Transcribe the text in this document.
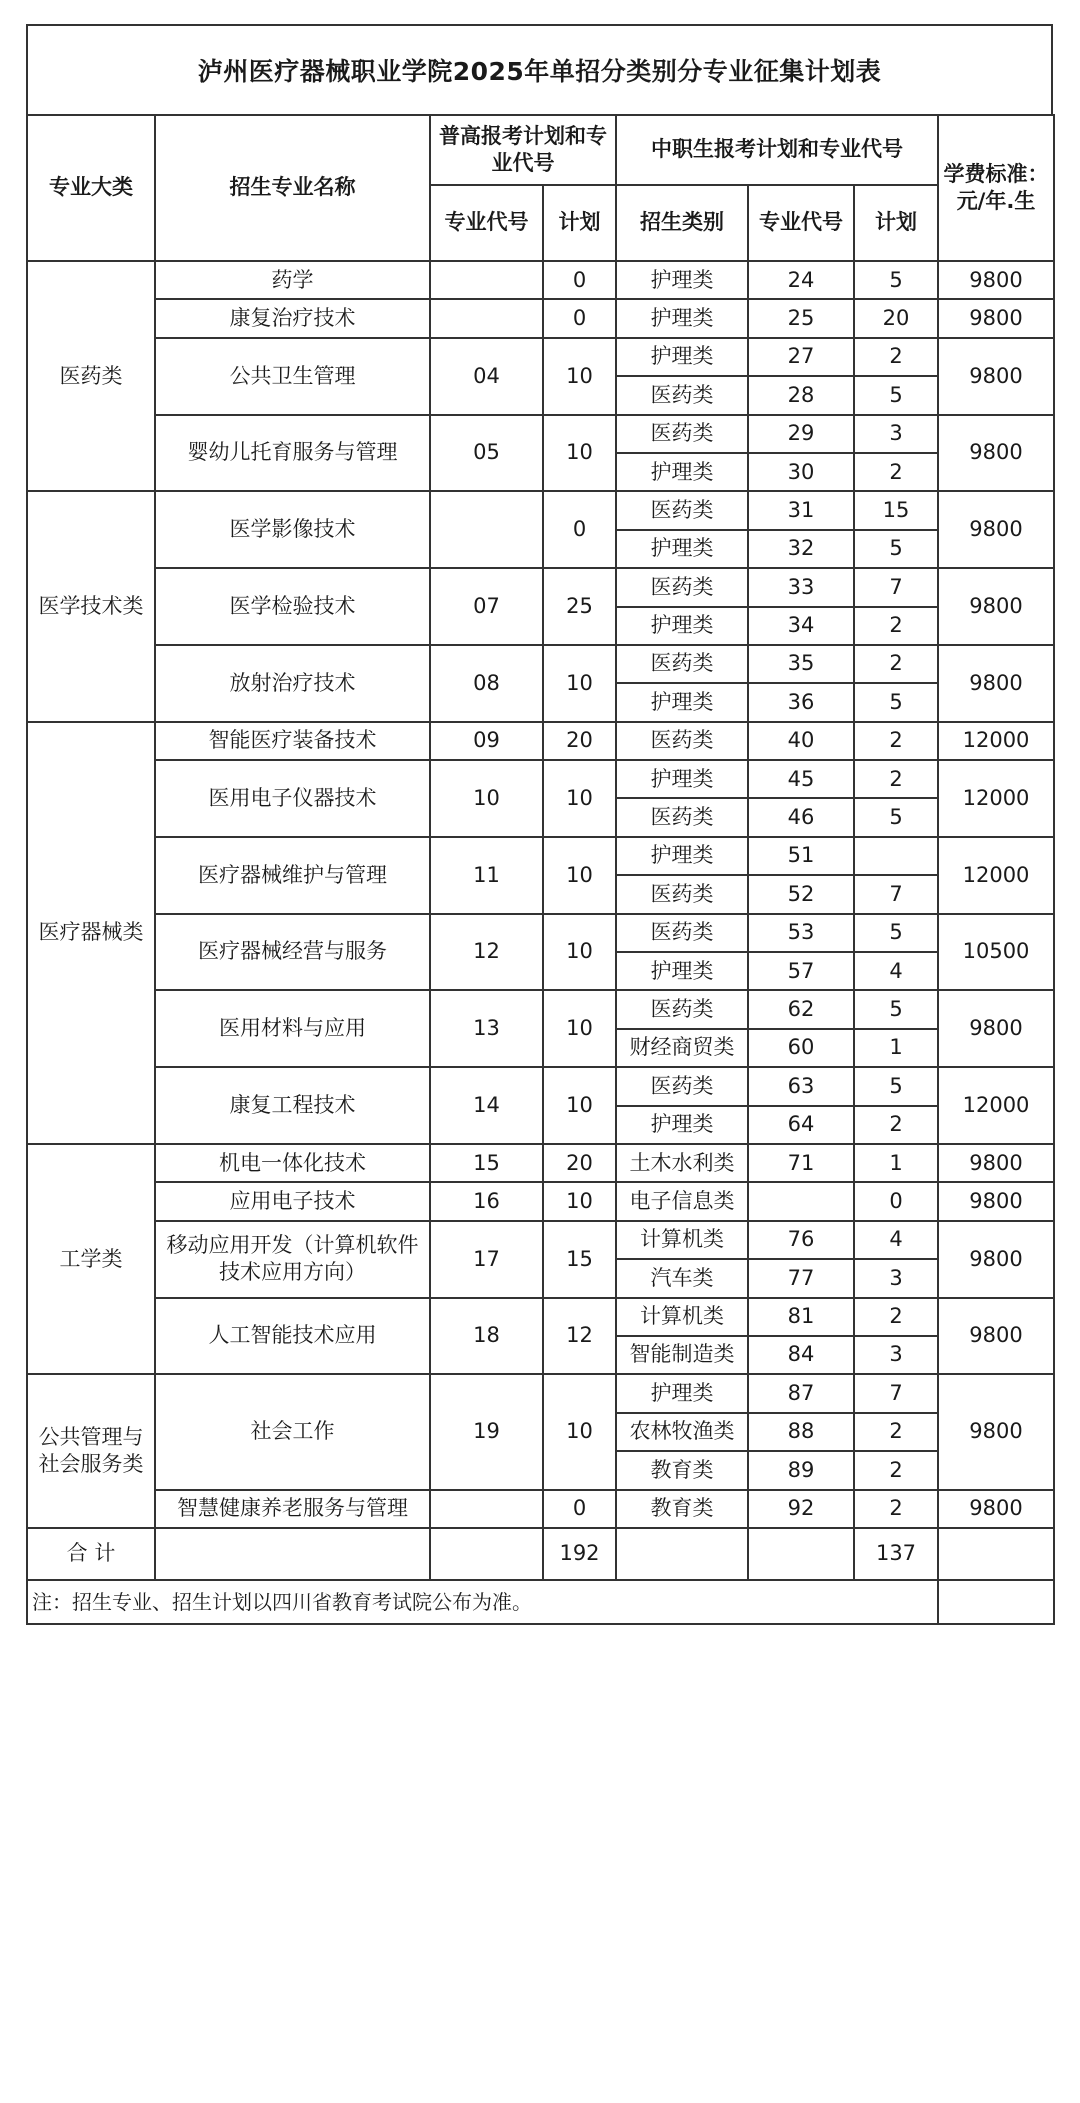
泸州医疗器械职业学院2025年单招分类别分专业征集计划表
专业大类	招生专业名称	普高报考计划和专业代号		中职生报考计划和专业代号			学费标准：元/年.生
		专业代号	计划	招生类别	专业代号	计划	
医药类	药学		0	护理类	24	5	9800
	康复治疗技术		0	护理类	25	20	9800
	公共卫生管理	04	10	护理类	27	2	9800
				医药类	28	5	
	婴幼儿托育服务与管理	05	10	医药类	29	3	9800
				护理类	30	2	
医学技术类	医学影像技术		0	医药类	31	15	9800
				护理类	32	5	
	医学检验技术	07	25	医药类	33	7	9800
				护理类	34	2	
	放射治疗技术	08	10	医药类	35	2	9800
				护理类	36	5	
医疗器械类	智能医疗装备技术	09	20	医药类	40	2	12000
	医用电子仪器技术	10	10	护理类	45	2	12000
				医药类	46	5	
	医疗器械维护与管理	11	10	护理类	51		12000
				医药类	52	7	
	医疗器械经营与服务	12	10	医药类	53	5	10500
				护理类	57	4	
	医用材料与应用	13	10	医药类	62	5	9800
				财经商贸类	60	1	
	康复工程技术	14	10	医药类	63	5	12000
				护理类	64	2	
工学类	机电一体化技术	15	20	土木水利类	71	1	9800
	应用电子技术	16	10	电子信息类		0	9800
	移动应用开发（计算机软件技术应用方向）	17	15	计算机类	76	4	9800
				汽车类	77	3	
	人工智能技术应用	18	12	计算机类	81	2	9800
				智能制造类	84	3	
公共管理与社会服务类	社会工作	19	10	护理类	87	7	9800
				农林牧渔类	88	2	
				教育类	89	2	
	智慧健康养老服务与管理		0	教育类	92	2	9800
合 计			192			137	
注：招生专业、招生计划以四川省教育考试院公布为准。							
